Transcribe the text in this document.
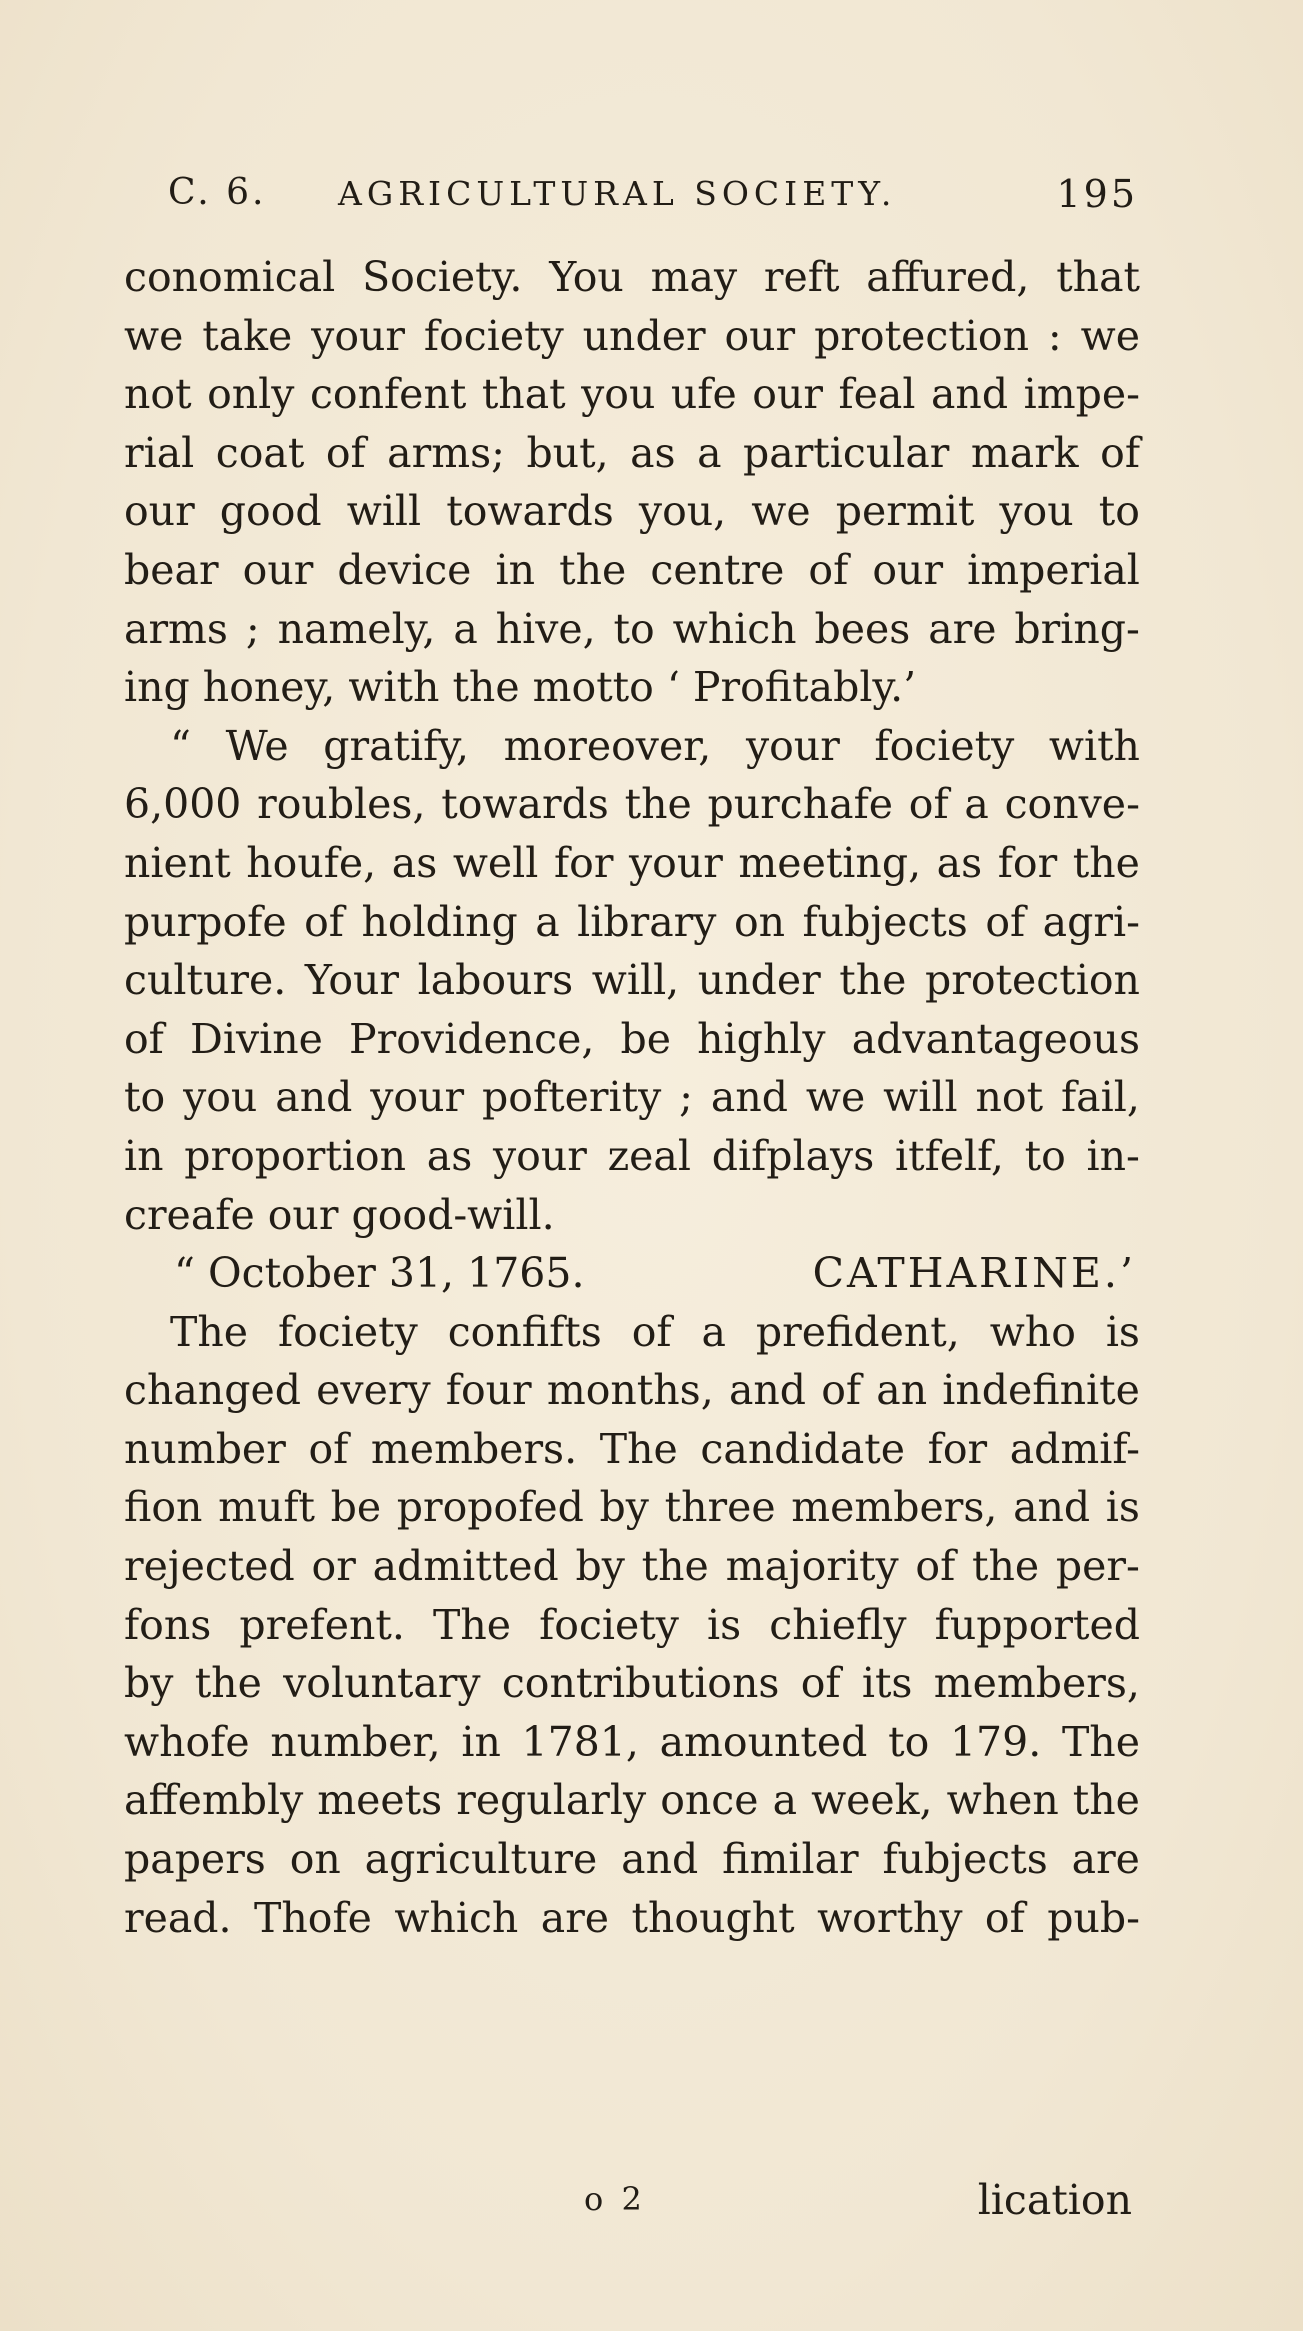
C. 6. AGRICULTURAL SOCIETY.	195
conomical Society. You may reft affured, that
we take your fociety under our protection : we
not only confent that you ufe our feal and impe-
rial coat of arms; but, as a particular mark of
our good will towards you, we permit you to
bear our device in the centre of our imperial
arms ; namely, a hive, to which bees are bring-
ing honey, with the motto ‘ Profitably.’
“ We gratify, moreover, your fociety with
6,000 roubles, towards the purchafe of a conve-
nient houfe, as well for your meeting, as for the
purpofe of holding a library on fubjects of agri-
culture. Your labours will, under the protection
of Divine Providence, be highly advantageous
to you and your pofterity ; and we will not fail,
in proportion as your zeal difplays itfelf, to in-
creafe our good-will.
“ October 31, 1765.	CATHARINE.’
The fociety confifts of a prefident, who is
changed every four months, and of an indefinite
number of members. The candidate for admif-
fion muft be propofed by three members, and is
rejected or admitted by the majority of the per-
fons prefent. The fociety is chiefly fupported
by the voluntary contributions of its members,
whofe number, in 1781, amounted to 179. The
affembly meets regularly once a week, when the
papers on agriculture and fimilar fubjects are
read. Thofe which are thought worthy of pub-
o 2	lication
